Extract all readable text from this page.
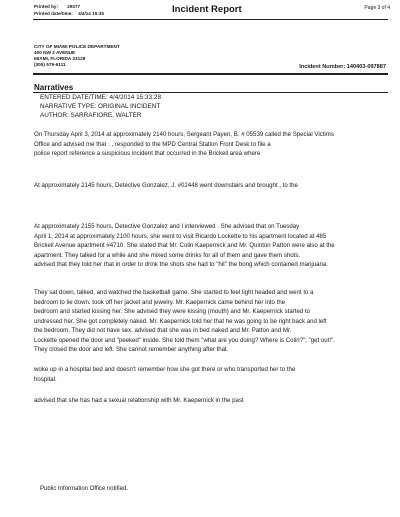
Printed by: 29377
Printed date/time: 4/4/14 15:35	Incident Report	Page 3 of 4
CITY OF MIAMI POLICE DEPARTMENT
400 NW 2 AVENUE
MIAMI, FLORIDA 33128
(305) 579-6111	Incident Number: 140403-097887
Narratives
ENTERED DATE/TIME: 4/4/2014 15:33:28
NARRATIVE TYPE: ORIGINAL INCIDENT
AUTHOR: SARRAFIORE, WALTER
On Thursday April 3, 2014 at approximately 2140 hours, Sergeant Payen, B. # 05539 called the Special Victims
Office and advised me that . , responded to the MPD Central Station Front Desk to file a
police report reference a suspicious incident that occurred in the Brickell area where
At approximately 2145 hours, Detective Gonzalez, J. #02448 went downstairs and brought , to the
At approximately 2155 hours, Detective Gonzalez and I interviewed . She advised that on Tuesday
April 1, 2014 at approximately 2100 hours, she went to visit Ricardo Lockette to his apartment located at 485
Brickell Avenue apartment #4710. She stated that Mr. Colin Kaepernick and Mr. Quinton Patton were also at the
apartment. They talked for a while and she mixed some drinks for all of them and gave them shots.
advised that they told her that in order to drink the shots she had to "hit" the bong which contained marijuana.
They sat down, talked, and watched the basketball game. She started to feel light headed and went to a
bedroom to lie down. took off her jacket and jewelry. Mr. Kaepernick came behind her into the
bedroom and started kissing her. She advised they were kissing (mouth) and Mr. Kaepernick started to
undressed her. She got completely naked. Mr. Kaepernick told her that he was going to be right back and left
the bedroom. They did not have sex. advised that she was in bed naked and Mr. Patton and Mr.
Lockette opened the door and "peeked" inside. She told them "what are you doing? Where is Colin?"; "get out!".
They closed the door and left. She cannot remember anything after that.
woke up in a hospital bed and doesn't remember how she got there or who transported her to the
hospital.
advised that she has had a sexual relationship with Mr. Kaepernick in the past
Public Information Office notified.
